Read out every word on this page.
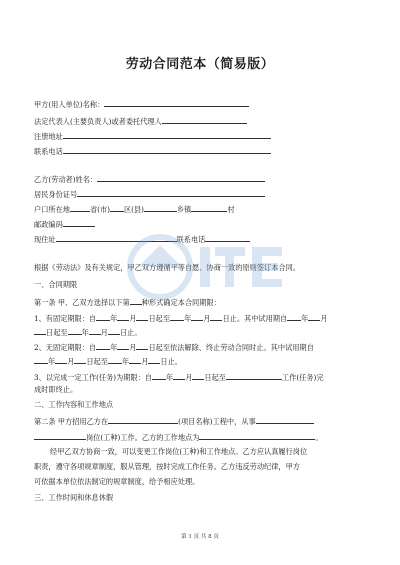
劳动合同范本（简易版）
甲方(用人单位)名称：
法定代表人(主要负责人)或者委托代理人
注册地址
联系电话
乙方(劳动者)姓名：
居民身份证号
户口所在地	省(市) 区(县)	乡镇	村
邮政编码
现住址	联系电话
根据《劳动法》及有关规定，甲乙双方遵循平等自愿、协商一致的原则签订本合同。
一、合同期限
第一条 甲、乙双方选择以下第 种形式确定本合同期限：
1、有固定期限：自 年 月 日起至 年 月 日止。其中试用期自 年 月
日起至 年 月 日止。
2、无固定期限：自 年 月 日起至依法解除、终止劳动合同时止。其中试用期自
年 月 日起至 年 月 日止。
3、以完成一定工作(任务)为期限：自 年 月 日起至	工作(任务)完
成时即终止。
二、工作内容和工作地点
第二条 甲方招用乙方在	(项目名称)工程中，从事
岗位(工种)工作。乙方的工作地点为	。
经甲乙双方协商一致，可以变更工作岗位(工种)和工作地点。乙方应认真履行岗位
职责，遵守各项规章制度，服从管理，按时完成工作任务。乙方违反劳动纪律，甲方
可依据本单位依法制定的规章制度，给予相应处理。
三、工作时间和休息休假
第 1 页 共 8 页
